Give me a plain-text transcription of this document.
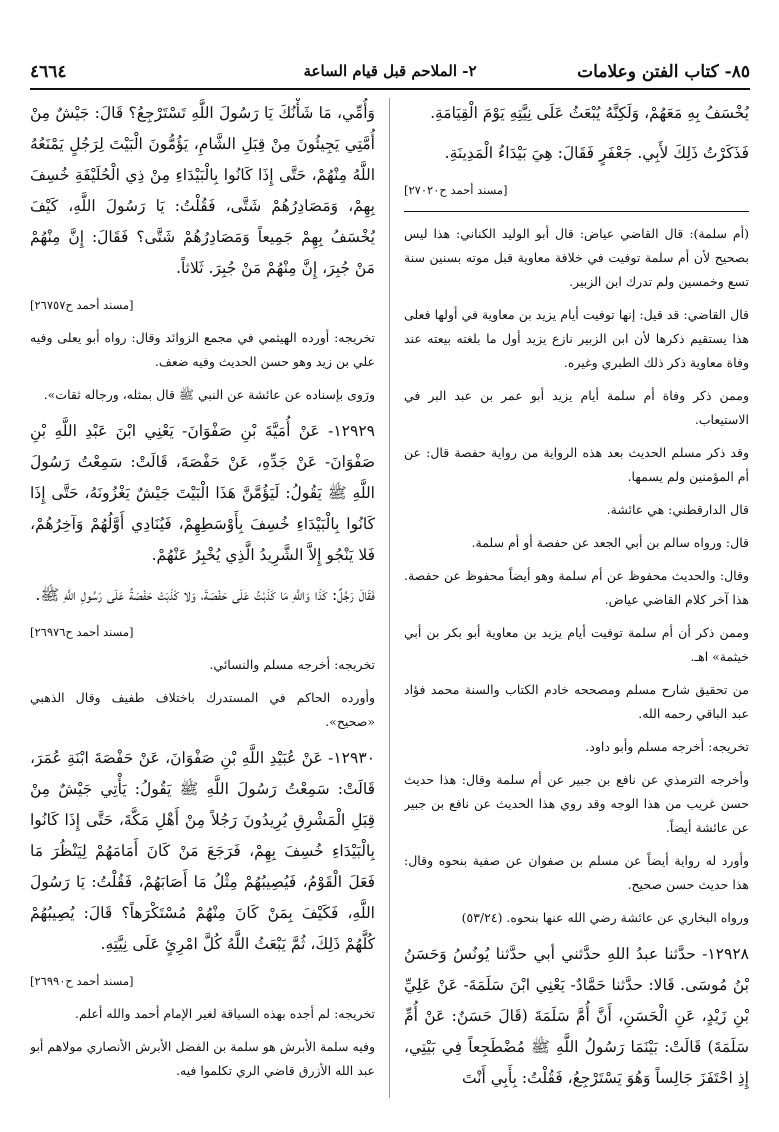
٨٥- كتاب الفتن وعلامات
٢- الملاحم قبل قيام الساعة
٤٦٦٤

يُخْسَفُ بِهِ مَعَهُمْ، وَلَكِنَّهُ يُبْعَثُ عَلَى نِيَّتِهِ يَوْمَ الْقِيَامَةِ.

فَذَكَرْتُ ذَلِكَ لأَبِي. جَعْفَرٍ فَقَالَ: هِيَ بَيْدَاءُ الْمَدِينَةِ.

[مسند أحمد ح٢٧٠٢٠]

(أم سلمة): قال القاضي عياض: قال أبو الوليد الكناني: هذا ليس بصحيح لأن أم سلمة توفيت في خلافة معاوية قبل موته بسنين سنة تسع وخمسين ولم تدرك ابن الزبير.

قال القاضي: قد قيل: إنها توفيت أيام يزيد بن معاوية في أولها فعلى هذا يستقيم ذكرها لأن ابن الزبير نازع يزيد أول ما بلغته بيعته عند وفاة معاوية ذكر ذلك الطبري وغيره.

وممن ذكر وفاة أم سلمة أيام يزيد أبو عمر بن عبد البر في الاستيعاب.

وقد ذكر مسلم الحديث بعد هذه الرواية من رواية حفصة قال: عن أم المؤمنين ولم يسمها.

قال الدارقطني: هي عائشة.

قال: ورواه سالم بن أبي الجعد عن حفصة أو أم سلمة.

وقال: والحديث محفوظ عن أم سلمة وهو أيضاً محفوظ عن حفصة. هذا آخر كلام القاضي عياض.

وممن ذكر أن أم سلمة توفيت أيام يزيد بن معاوية أبو بكر بن أبي خيثمة» اهـ.

من تحقيق شارح مسلم ومصححه خادم الكتاب والسنة محمد فؤاد عبد الباقي رحمه الله.

تخريجه: أخرجه مسلم وأبو داود.

وأخرجه الترمذي عن نافع بن جبير عن أم سلمة وقال: هذا حديث حسن غريب من هذا الوجه وقد روي هذا الحديث عن نافع بن جبير عن عائشة أيضاً.

وأورد له رواية أيضاً عن مسلم بن صفوان عن صفية بنحوه وقال: هذا حديث حسن صحيح.

ورواه البخاري عن عائشة رضي الله عنها بنحوه. (٥٣/٢٤)

١٢٩٢٨- حدَّثنا عبدُ اللهِ حدَّثني أبي حدَّثنا يُونُسُ وَحَسَنُ بْنُ مُوسَى. قَالا: حدَّثنا حَمَّادٌ- يَعْنِي ابْنَ سَلَمَةَ- عَنْ عَلِيِّ بْنِ زَيْدٍ، عَنِ الْحَسَنِ، أَنَّ أُمَّ سَلَمَةَ (قَالَ حَسَنٌ: عَنْ أُمِّ سَلَمَةَ) قَالَتْ: بَيْنَمَا رَسُولُ اللَّهِ ﷺ مُضْطَجِعاً فِي بَيْتِي، إِذِ احْتَفَزَ جَالِساً وَهُوَ يَسْتَرْجِعُ، فَقُلْتُ: بِأَبِي أَنْتَ

وَأُمِّي، مَا شَأْنُكَ يَا رَسُولَ اللَّهِ تَسْتَرْجِعُ؟ قَالَ: جَيْشٌ مِنْ أُمَّتِي يَجِيئُونَ مِنْ قِبَلِ الشَّامِ، يَؤُمُّونَ الْبَيْتَ لِرَجُلٍ يَمْنَعُهُ اللَّهُ مِنْهُمْ، حَتَّى إِذَا كَانُوا بِالْبَيْدَاءِ مِنْ ذِي الْحُلَيْفَةِ خُسِفَ بِهِمْ، وَمَصَادِرُهُمْ شَتَّى، فَقُلْتُ: يَا رَسُولَ اللَّهِ، كَيْفَ يُخْسَفُ بِهِمْ جَمِيعاً وَمَصَادِرُهُمْ شَتَّى؟ فَقَالَ: إِنَّ مِنْهُمْ مَنْ جُبِرَ، إِنَّ مِنْهُمْ مَنْ جُبِرَ. ثَلاثاً.

[مسند أحمد ح٢٦٧٥٧]

تخريجه: أورده الهيثمي في مجمع الزوائد وقال: رواه أبو يعلى وفيه علي بن زيد وهو حسن الحديث وفيه ضعف.

ورَوى بإسناده عن عائشة عن النبي ﷺ قال بمثله، ورجاله ثقات».

١٢٩٢٩- عَنْ أُمَيَّةَ بْنِ صَفْوَانَ- يَعْنِي ابْنَ عَبْدِ اللَّهِ بْنِ صَفْوَانَ- عَنْ جَدِّهِ، عَنْ حَفْصَةَ، قَالَتْ: سَمِعْتُ رَسُولَ اللَّهِ ﷺ يَقُولُ: لَيَؤُمَّنَّ هَذَا الْبَيْتَ جَيْشٌ يَغْزُونَهُ، حَتَّى إِذَا كَانُوا بِالْبَيْدَاءِ خُسِفَ بِأَوْسَطِهِمْ، فَيُنَادِي أَوَّلُهُمْ وَآخِرُهُمْ، فَلا يَنْجُو إِلاَّ الشَّرِيدُ الَّذِي يُخْبِرُ عَنْهُمْ.

فَقَالَ رَجُلٌ: كَذَا وَاللَّهِ مَا كَذَبْتُ عَلَى حَفْصَةَ، وَلا كَذَبَتْ حَفْصَةُ عَلَى رَسُولِ اللَّهِ ﷺ.

[مسند أحمد ح٢٦٩٧٦]

تخريجه: أخرجه مسلم والنسائي.

وأورده الحاكم في المستدرك باختلاف طفيف وقال الذهبي «صحيح».

١٢٩٣٠- عَنْ عُبَيْدِ اللَّهِ بْنِ صَفْوَانَ، عَنْ حَفْصَةَ ابْنَةِ عُمَرَ، قَالَتْ: سَمِعْتُ رَسُولَ اللَّهِ ﷺ يَقُولُ: يَأْتِي جَيْشٌ مِنْ قِبَلِ الْمَشْرِقِ يُرِيدُونَ رَجُلاً مِنْ أَهْلِ مَكَّةَ، حَتَّى إِذَا كَانُوا بِالْبَيْدَاءِ خُسِفَ بِهِمْ، فَرَجَعَ مَنْ كَانَ أَمَامَهُمْ لِيَنْظُرَ مَا فَعَلَ الْقَوْمُ، فَيُصِيبُهُمْ مِثْلُ مَا أَصَابَهُمْ، فَقُلْتُ: يَا رَسُولَ اللَّهِ، فَكَيْفَ بِمَنْ كَانَ مِنْهُمْ مُسْتَكْرَهاً؟ قَالَ: يُصِيبُهُمْ كُلَّهُمْ ذَلِكَ، ثُمَّ يَبْعَثُ اللَّهُ كُلَّ امْرِئٍ عَلَى نِيَّتِهِ.

[مسند أحمد ح٢٦٩٩٠]

تخريجه: لم أجده بهذه السياقة لغير الإمام أحمد والله أعلم.

وفيه سلمة الأبرش هو سلمة بن الفضل الأبرش الأنصاري مولاهم أبو عبد الله الأزرق قاضي الري تكلموا فيه.
